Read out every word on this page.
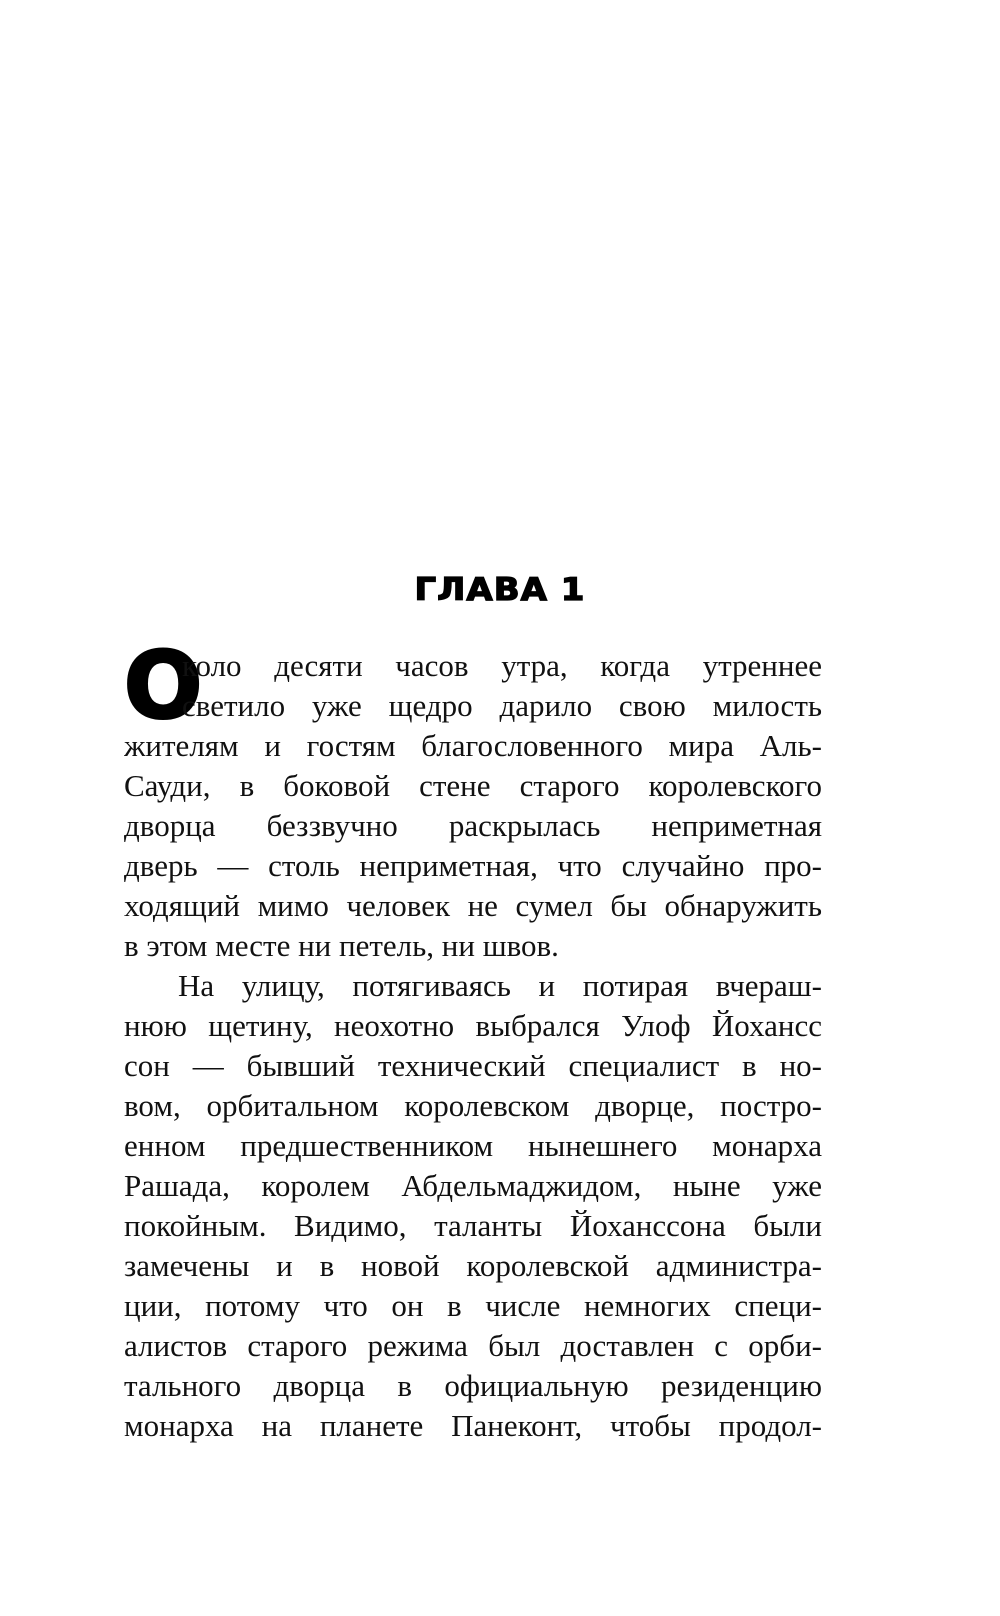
ГЛАВА 1
О
коло десяти часов утра, когда утреннее
светило уже щедро дарило свою милость
жителям и гостям благословенного мира Аль-
Сауди, в боковой стене старого королевского
дворца беззвучно раскрылась неприметная
дверь — столь неприметная, что случайно про-
ходящий мимо человек не сумел бы обнаружить
в этом месте ни петель, ни швов.
На улицу, потягиваясь и потирая вчераш-
нюю щетину, неохотно выбрался Улоф Йохансс
сон — бывший технический специалист в но-
вом, орбитальном королевском дворце, постро-
енном предшественником нынешнего монарха
Рашада, королем Абдельмаджидом, ныне уже
покойным. Видимо, таланты Йохансcона были
замечены и в новой королевской администра-
ции, потому что он в числе немногих специ-
алистов старого режима был доставлен с орби-
тального дворца в официальную резиденцию
монарха на планете Панеконт, чтобы продол-
